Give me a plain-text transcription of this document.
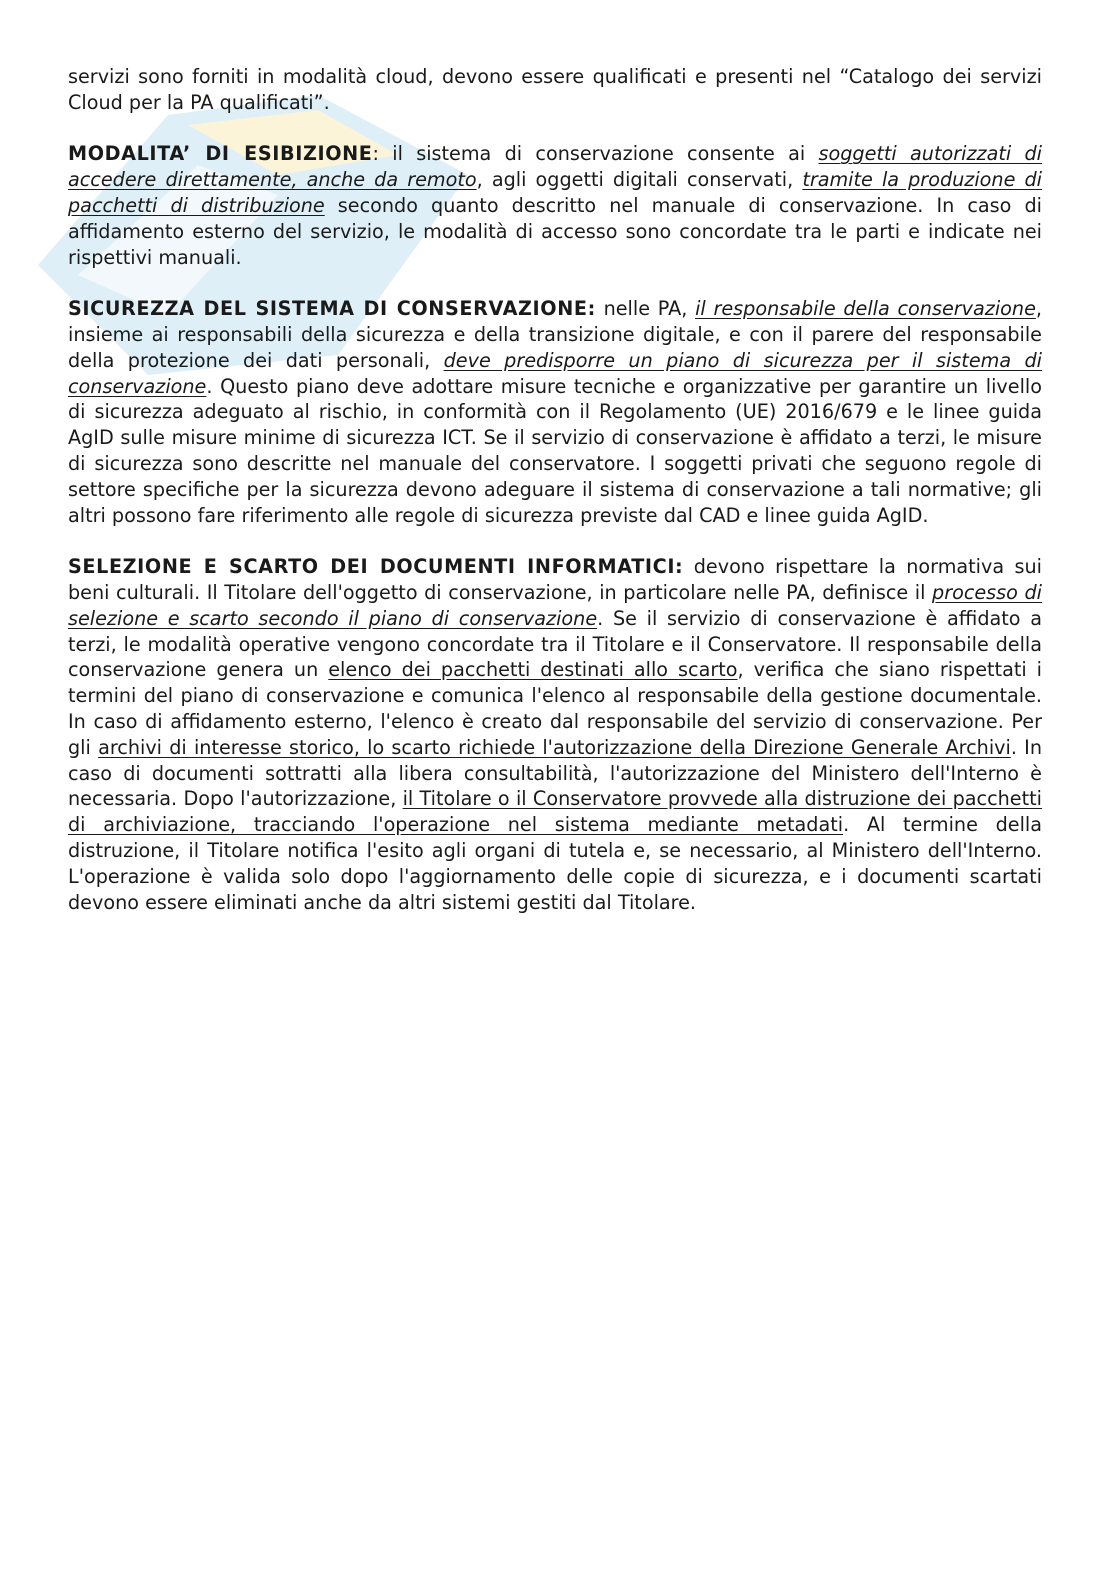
servizi sono forniti in modalità cloud, devono essere qualificati e presenti nel “Catalogo dei servizi Cloud per la PA qualificati”.

MODALITA’ DI ESIBIZIONE: il sistema di conservazione consente ai soggetti autorizzati di accedere direttamente, anche da remoto, agli oggetti digitali conservati, tramite la produzione di pacchetti di distribuzione secondo quanto descritto nel manuale di conservazione. In caso di affidamento esterno del servizio, le modalità di accesso sono concordate tra le parti e indicate nei rispettivi manuali.

SICUREZZA DEL SISTEMA DI CONSERVAZIONE: nelle PA, il responsabile della conservazione, insieme ai responsabili della sicurezza e della transizione digitale, e con il parere del responsabile della protezione dei dati personali, deve predisporre un piano di sicurezza per il sistema di conservazione. Questo piano deve adottare misure tecniche e organizzative per garantire un livello di sicurezza adeguato al rischio, in conformità con il Regolamento (UE) 2016/679 e le linee guida AgID sulle misure minime di sicurezza ICT. Se il servizio di conservazione è affidato a terzi, le misure di sicurezza sono descritte nel manuale del conservatore. I soggetti privati che seguono regole di settore specifiche per la sicurezza devono adeguare il sistema di conservazione a tali normative; gli altri possono fare riferimento alle regole di sicurezza previste dal CAD e linee guida AgID.

SELEZIONE E SCARTO DEI DOCUMENTI INFORMATICI: devono rispettare la normativa sui beni culturali. Il Titolare dell'oggetto di conservazione, in particolare nelle PA, definisce il processo di selezione e scarto secondo il piano di conservazione. Se il servizio di conservazione è affidato a terzi, le modalità operative vengono concordate tra il Titolare e il Conservatore. Il responsabile della conservazione genera un elenco dei pacchetti destinati allo scarto, verifica che siano rispettati i termini del piano di conservazione e comunica l'elenco al responsabile della gestione documentale. In caso di affidamento esterno, l'elenco è creato dal responsabile del servizio di conservazione. Per gli archivi di interesse storico, lo scarto richiede l'autorizzazione della Direzione Generale Archivi. In caso di documenti sottratti alla libera consultabilità, l'autorizzazione del Ministero dell'Interno è necessaria. Dopo l'autorizzazione, il Titolare o il Conservatore provvede alla distruzione dei pacchetti di archiviazione, tracciando l'operazione nel sistema mediante metadati. Al termine della distruzione, il Titolare notifica l'esito agli organi di tutela e, se necessario, al Ministero dell'Interno. L'operazione è valida solo dopo l'aggiornamento delle copie di sicurezza, e i documenti scartati devono essere eliminati anche da altri sistemi gestiti dal Titolare.
